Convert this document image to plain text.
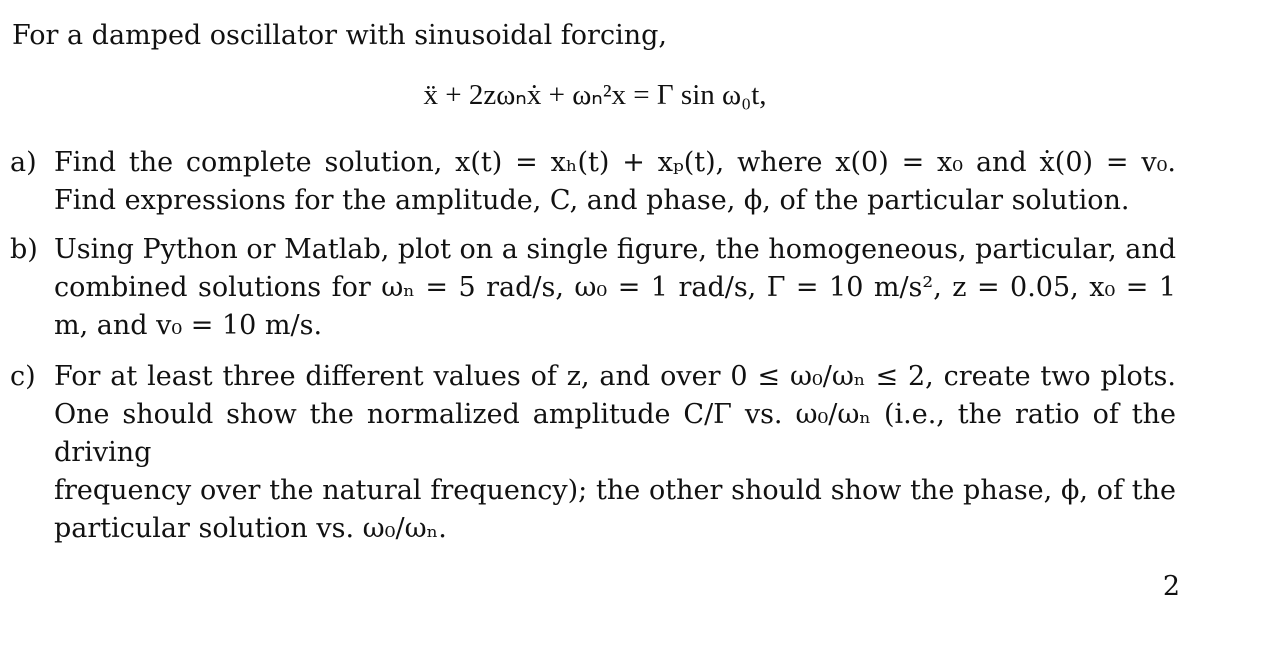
For a damped oscillator with sinusoidal forcing,
ẍ + 2zωₙẋ + ωₙ²x = Γ sin ω₀t,
a) Find the complete solution, x(t) = xₕ(t) + xₚ(t), where x(0) = x₀ and ẋ(0) = v₀.
Find expressions for the amplitude, C, and phase, ϕ, of the particular solution.
b) Using Python or Matlab, plot on a single figure, the homogeneous, particular, and
combined solutions for ωₙ = 5 rad/s, ω₀ = 1 rad/s, Γ = 10 m/s², z = 0.05, x₀ = 1
m, and v₀ = 10 m/s.
c) For at least three different values of z, and over 0 ≤ ω₀/ωₙ ≤ 2, create two plots.
One should show the normalized amplitude C/Γ vs. ω₀/ωₙ (i.e., the ratio of the driving
frequency over the natural frequency); the other should show the phase, ϕ, of the
particular solution vs. ω₀/ωₙ.
2
